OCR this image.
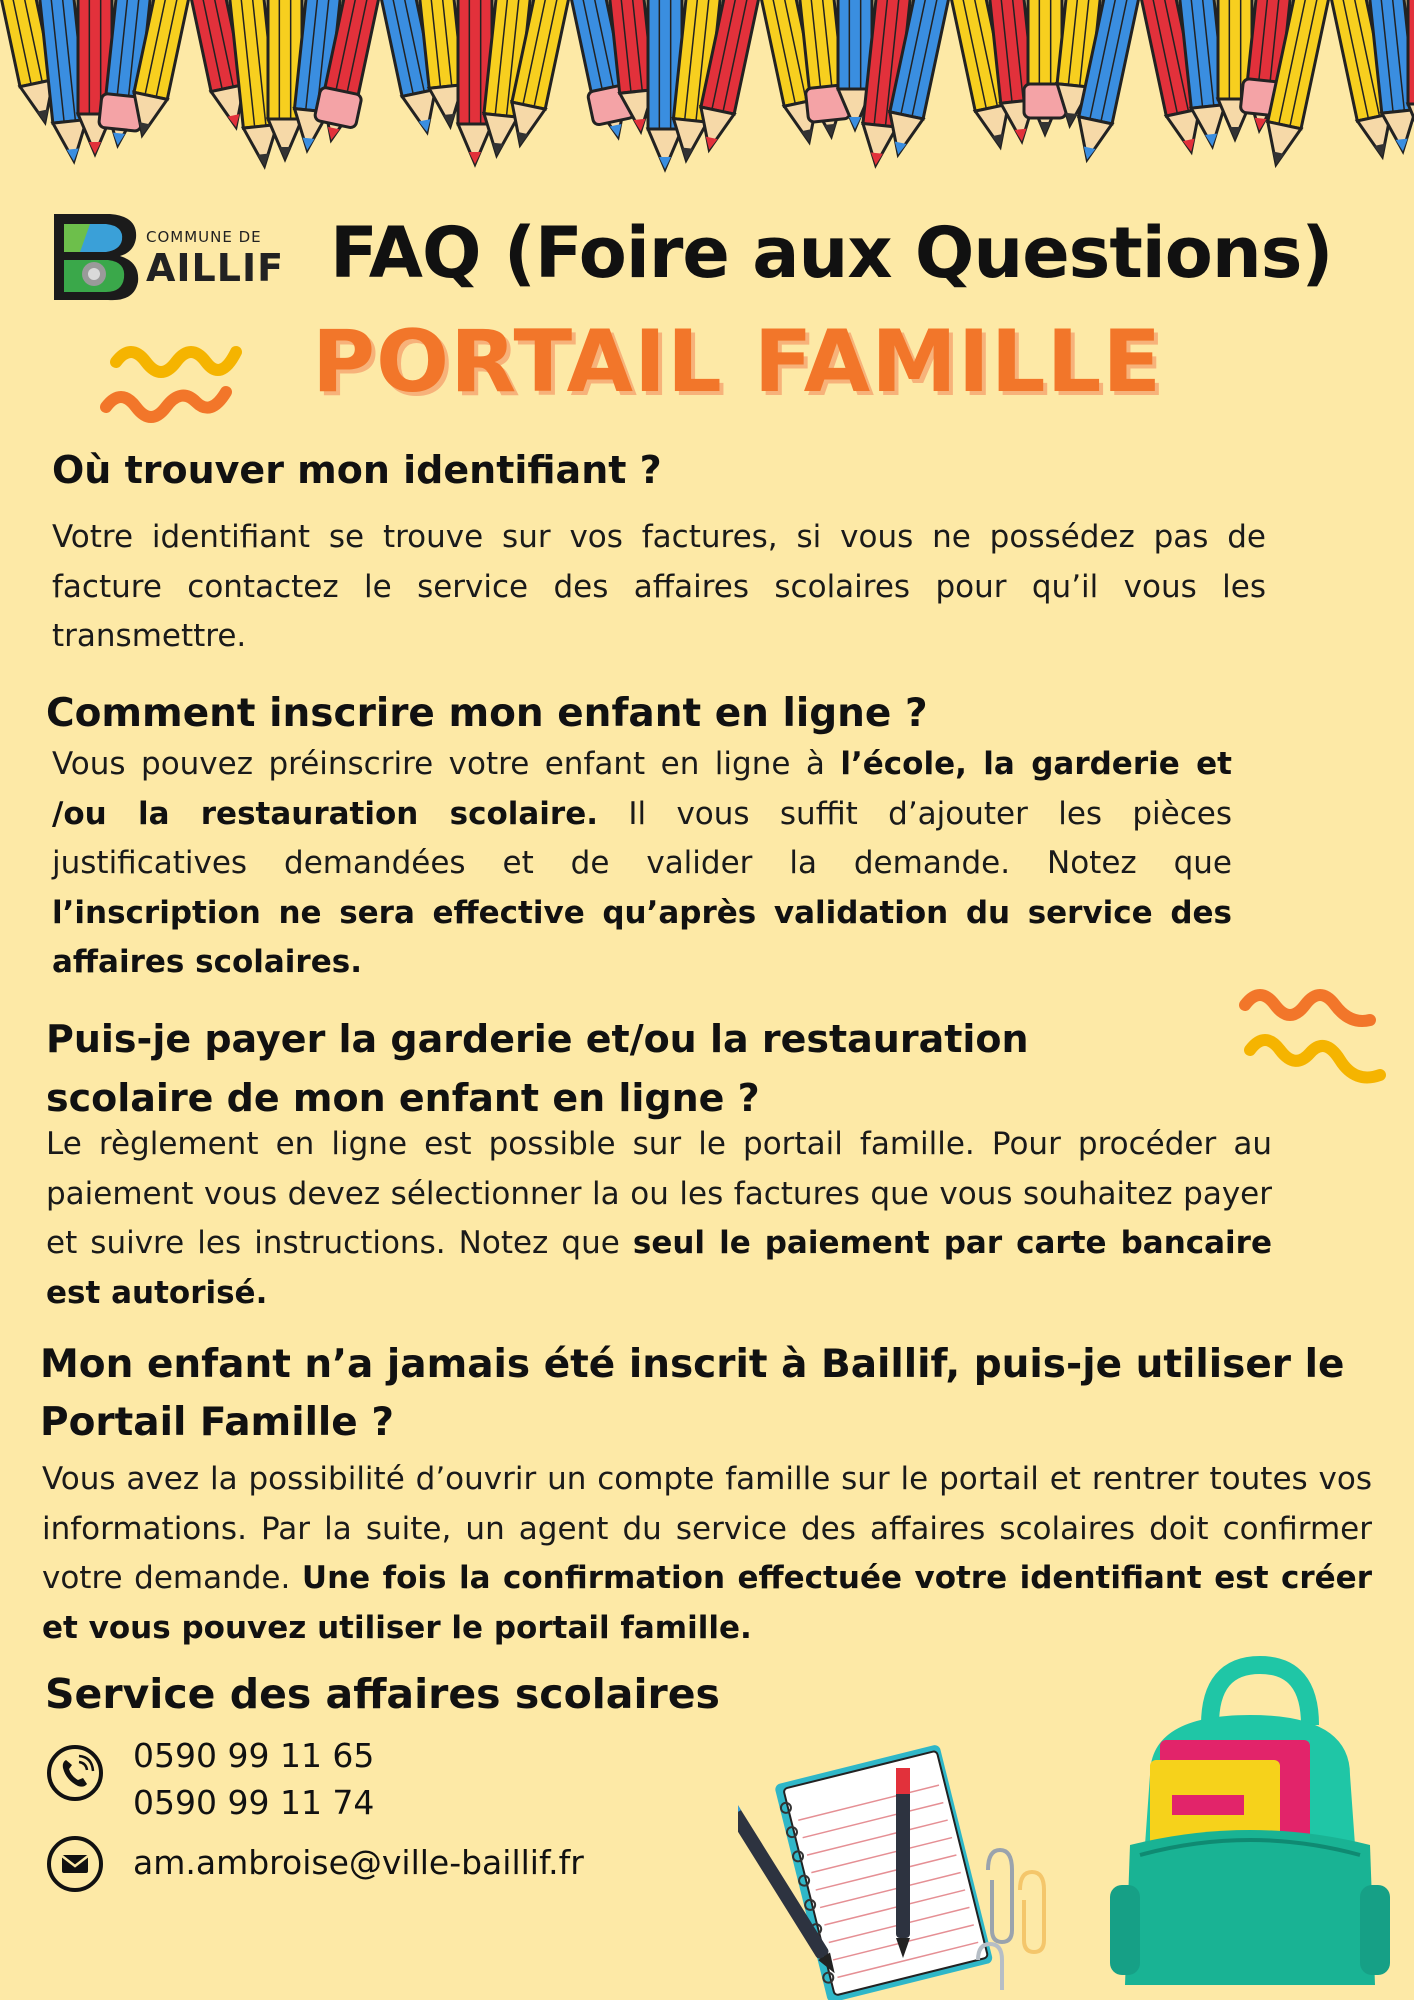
COMMUNE DE
AILLIF FAQ (Foire aux Questions)
PORTAIL FAMILLE
Où trouver mon identifiant ?
Votre identifiant se trouve sur vos factures, si vous ne possédez pas de facture contactez le service des affaires scolaires pour qu’il vous les transmettre.
Comment inscrire mon enfant en ligne ?
Vous pouvez préinscrire votre enfant en ligne à l’école, la garderie et /ou la restauration scolaire. Il vous suffit d’ajouter les pièces justificatives demandées et de valider la demande. Notez que l’inscription ne sera effective qu’après validation du service des affaires scolaires.
Puis-je payer la garderie et/ou la restauration scolaire de mon enfant en ligne ?
Le règlement en ligne est possible sur le portail famille. Pour procéder au paiement vous devez sélectionner la ou les factures que vous souhaitez payer et suivre les instructions. Notez que seul le paiement par carte bancaire est autorisé.
Mon enfant n’a jamais été inscrit à Baillif, puis-je utiliser le Portail Famille ?
Vous avez la possibilité d’ouvrir un compte famille sur le portail et rentrer toutes vos informations. Par la suite, un agent du service des affaires scolaires doit confirmer votre demande. Une fois la confirmation effectuée votre identifiant est créer et vous pouvez utiliser le portail famille.
Service des affaires scolaires
0590 99 11 65
0590 99 11 74
am.ambroise@ville-baillif.fr
